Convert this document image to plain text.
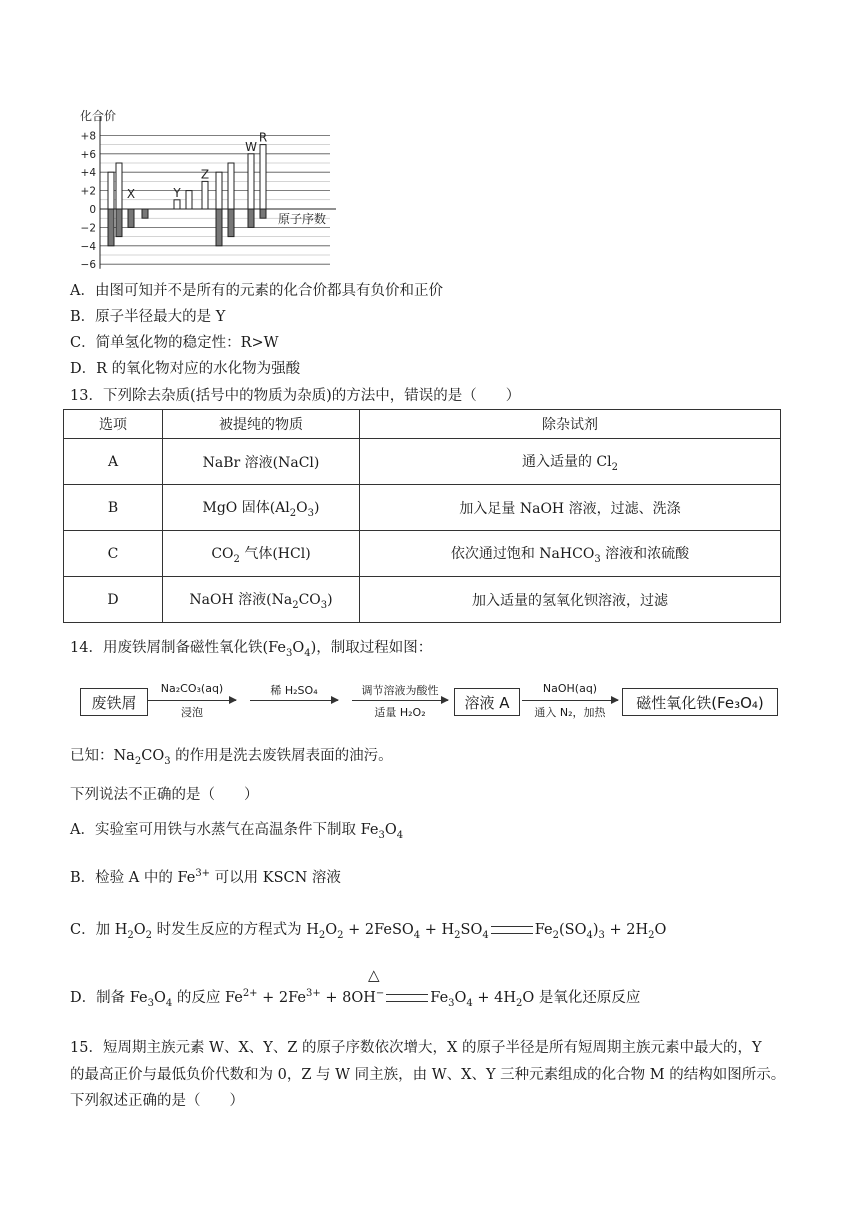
化合价
+8
+6
+4
+2
0
−2
−4
−6
原子序数
X	Y
Z
W
R
A．由图可知并不是所有的元素的化合价都具有负价和正价
B．原子半径最大的是 Y
C．简单氢化物的稳定性：R>W
D．R 的氧化物对应的水化物为强酸
13．下列除去杂质(括号中的物质为杂质)的方法中，错误的是（　　）
选项	被提纯的物质	除杂试剂
A	NaBr 溶液(NaCl)	通入适量的 $Cl_2$
B	MgO 固体$(Al_2O_3)$	加入足量 NaOH 溶液，过滤、洗涤
C	$CO_2$ 气体(HCl)	依次通过饱和 NaHCO$_3$ 溶液和浓硫酸
D	NaOH 溶液$(Na_2CO_3)$	加入适量的氢氧化钡溶液，过滤
14．用废铁屑制备磁性氧化铁$(Fe_3O_4)$，制取过程如图：
废铁屑
Na₂CO₃(aq)
浸泡
稀 H₂SO₄	调节溶液为酸性
适量 H₂O₂
溶液 A
NaOH(aq)
通入 N₂，加热
磁性氧化铁(Fe₃O₄)
已知：$Na_2CO_3$ 的作用是洗去废铁屑表面的油污。
下列说法不正确的是（　　）
A．实验室可用铁与水蒸气在高温条件下制取 $Fe_3O_4$
B．检验 A 中的 $Fe^{3+}$ 可以用 KSCN 溶液
C．加 $H_2O_2$ 时发生反应的方程式为 $H_2O_2$ + 2FeSO$_4$ + $H_2SO_4$	$Fe_2(SO_4)_3 + 2H_2O$
△
D．制备 $Fe_3O_4$ 的反应 $Fe^{2+} + 2Fe^{3+} + 8OH^-$	$Fe_3O_4 + 4H_2O$ 是氧化还原反应
15．短周期主族元素 W、X、Y、Z 的原子序数依次增大，X 的原子半径是所有短周期主族元素中最大的，Y
的最高正价与最低负价代数和为 0，Z 与 W 同主族，由 W、X、Y 三种元素组成的化合物 M 的结构如图所示。
下列叙述正确的是（　　）
